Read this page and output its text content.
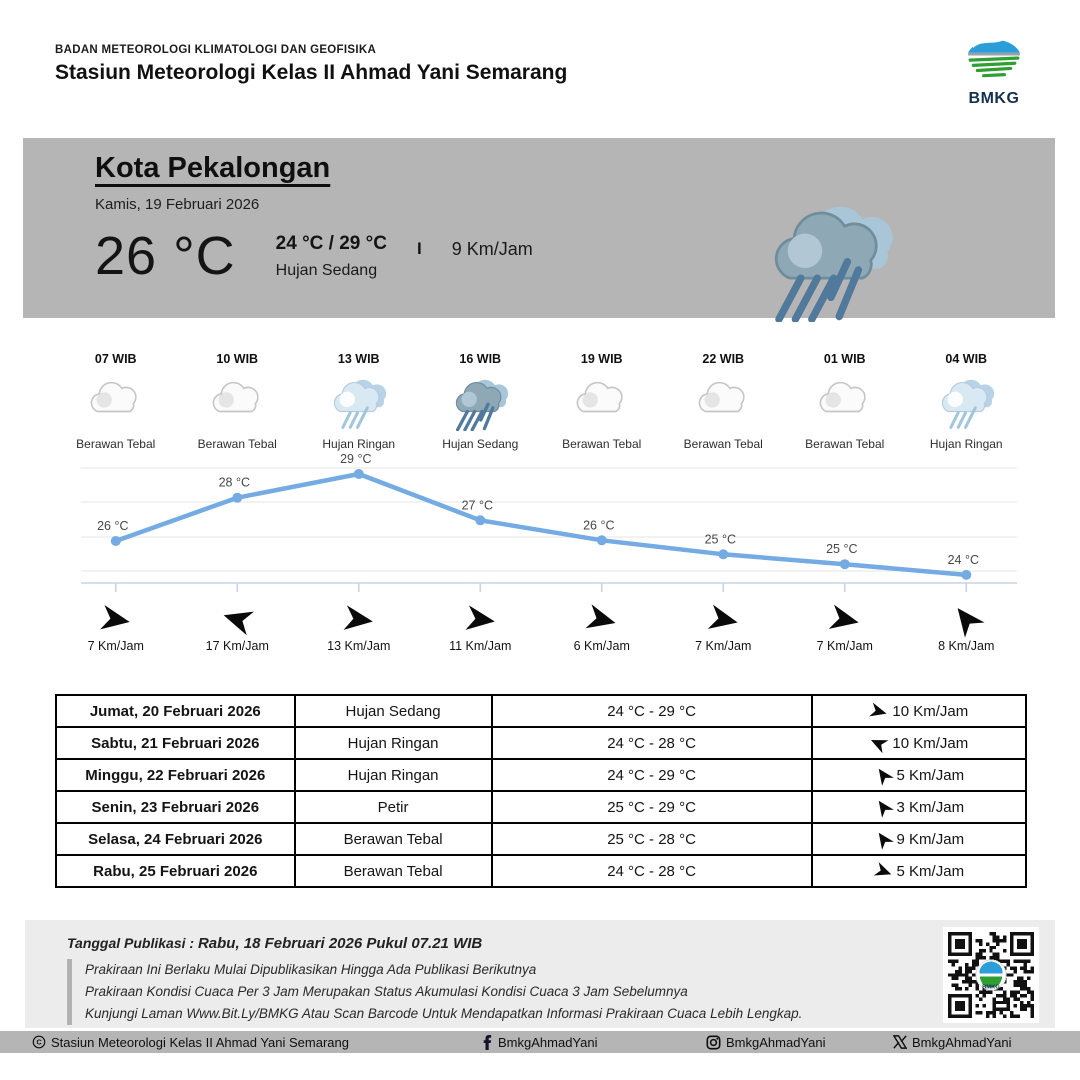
BADAN METEOROLOGI KLIMATOLOGI DAN GEOFISIKA
Stasiun Meteorologi Kelas II Ahmad Yani Semarang
BMKG
Kota Pekalongan
Kamis, 19 Februari 2026
26 °C 24 °C / 29 °C
Hujan Sedang
I 9 Km/Jam
07 WIB
Berawan Tebal
10 WIB
Berawan Tebal
13 WIB
Hujan Ringan
16 WIB
Hujan Sedang
19 WIB
Berawan Tebal
22 WIB
Berawan Tebal
01 WIB
Berawan Tebal
04 WIB
Hujan Ringan
26 °C
28 °C
29 °C
27 °C
26 °C
25 °C
25 °C
24 °C
7 Km/Jam	17 Km/Jam	13 Km/Jam	11 Km/Jam	6 Km/Jam	7 Km/Jam	7 Km/Jam	8 Km/Jam
Jumat, 20 Februari 2026	Hujan Sedang	24 °C - 29 °C	10 Km/Jam

Sabtu, 21 Februari 2026	Hujan Ringan	24 °C - 28 °C	10 Km/Jam

Minggu, 22 Februari 2026	Hujan Ringan	24 °C - 29 °C	5 Km/Jam

Senin, 23 Februari 2026	Petir	25 °C - 29 °C	3 Km/Jam

Selasa, 24 Februari 2026	Berawan Tebal	25 °C - 28 °C	9 Km/Jam

Rabu, 25 Februari 2026	Berawan Tebal	24 °C - 28 °C	5 Km/Jam
Tanggal Publikasi : Rabu, 18 Februari 2026 Pukul 07.21 WIB
Prakiraan Ini Berlaku Mulai Dipublikasikan Hingga Ada Publikasi Berikutnya
Prakiraan Kondisi Cuaca Per 3 Jam Merupakan Status Akumulasi Kondisi Cuaca 3 Jam Sebelumnya
Kunjungi Laman Www.Bit.Ly/BMKG Atau Scan Barcode Untuk Mendapatkan Informasi Prakiraan Cuaca Lebih Lengkap.
BMKG
C Stasiun Meteorologi Kelas II Ahmad Yani Semarang	BmkgAhmadYani	BmkgAhmadYani	BmkgAhmadYani
